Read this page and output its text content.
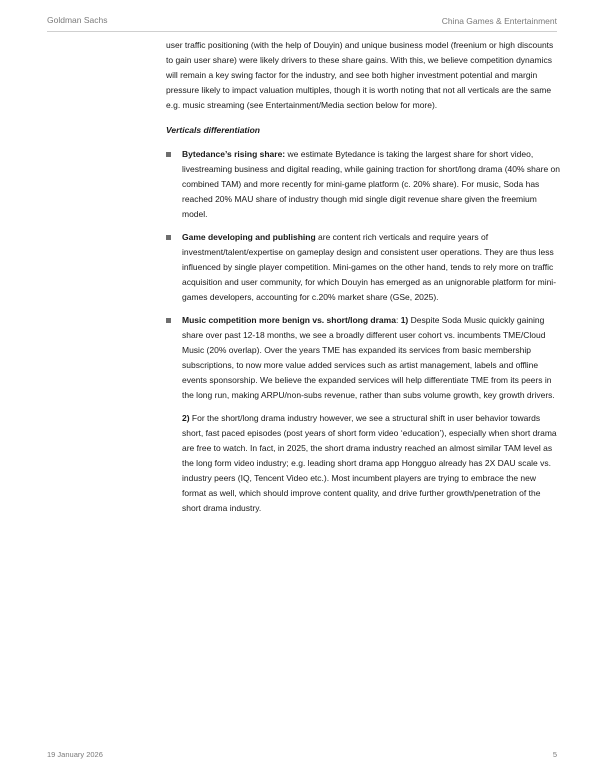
Goldman Sachs	China Games & Entertainment

user traffic positioning (with the help of Douyin) and unique business model (freenium or high discounts to gain user share) were likely drivers to these share gains. With this, we believe competition dynamics will remain a key swing factor for the industry, and see both higher investment potential and margin pressure likely to impact valuation multiples, though it is worth noting that not all verticals are the same e.g. music streaming (see Entertainment/Media section below for more).

Verticals differentiation

Bytedance’s rising share: we estimate Bytedance is taking the largest share for short video, livestreaming business and digital reading, while gaining traction for short/long drama (40% share on combined TAM) and more recently for mini-game platform (c. 20% share). For music, Soda has reached 20% MAU share of industry though mid single digit revenue share given the freemium model.
Game developing and publishing are content rich verticals and require years of investment/talent/expertise on gameplay design and consistent user operations. They are thus less influenced by single player competition. Mini-games on the other hand, tends to rely more on traffic acquisition and user community, for which Douyin has emerged as an unignorable platform for mini-games developers, accounting for c.20% market share (GSe, 2025).

Music competition more benign vs. short/long drama: 1) Despite Soda Music quickly gaining share over past 12-18 months, we see a broadly different user cohort vs. incumbents TME/Cloud Music (20% overlap). Over the years TME has expanded its services from basic membership subscriptions, to now more value added services such as artist management, labels and offline events sponsorship. We believe the expanded services will help differentiate TME from its peers in the long run, making ARPU/non-subs revenue, rather than subs volume growth, key growth drivers.

2) For the short/long drama industry however, we see a structural shift in user behavior towards short, fast paced episodes (post years of short form video ‘education’), especially when short drama are free to watch. In fact, in 2025, the short drama industry reached an almost similar TAM level as the long form video industry; e.g. leading short drama app Hongguo already has 2X DAU scale vs. industry peers (IQ, Tencent Video etc.). Most incumbent players are trying to embrace the new format as well, which should improve content quality, and drive further growth/penetration of the short drama industry.

19 January 2026	5
